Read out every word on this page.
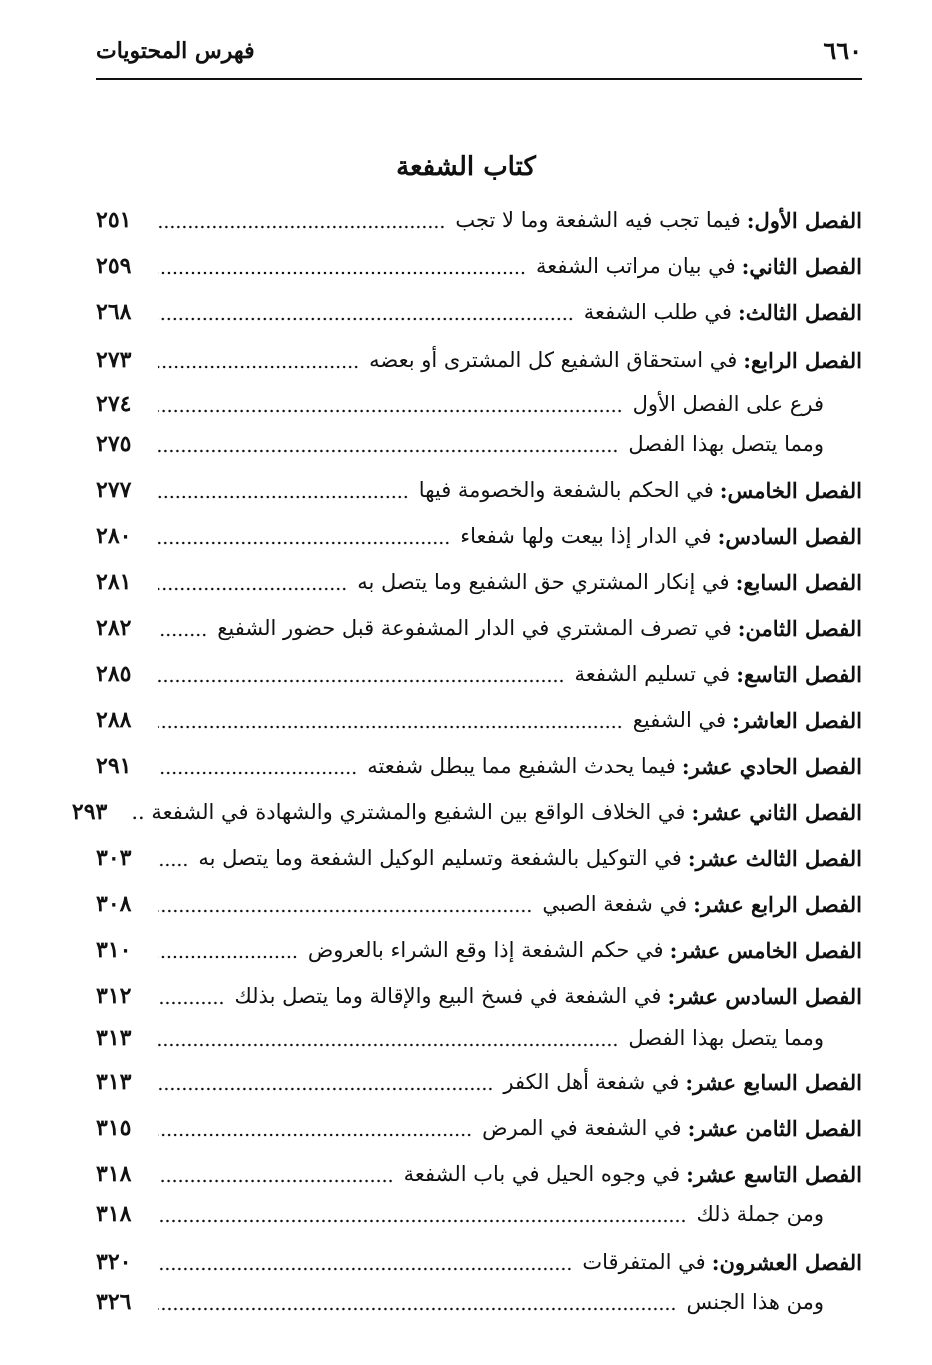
فهرس المحتويات	٦٦٠
كتاب الشفعة
الفصل الأول:
فيما تجب فيه الشفعة وما لا تجب
٢٥١
الفصل الثاني:
في بيان مراتب الشفعة
٢٥٩
الفصل الثالث:
في طلب الشفعة
٢٦٨
الفصل الرابع:
في استحقاق الشفيع كل المشترى أو بعضه
٢٧٣
فرع على الفصل الأول
٢٧٤
ومما يتصل بهذا الفصل
٢٧٥
الفصل الخامس:
في الحكم بالشفعة والخصومة فيها
٢٧٧
الفصل السادس:
في الدار إذا بيعت ولها شفعاء
٢٨٠
الفصل السابع:
في إنكار المشتري حق الشفيع وما يتصل به
٢٨١
الفصل الثامن:
في تصرف المشتري في الدار المشفوعة قبل حضور الشفيع
٢٨٢
الفصل التاسع:
في تسليم الشفعة
٢٨٥
الفصل العاشر:
في الشفيع
٢٨٨
الفصل الحادي عشر:
فيما يحدث الشفيع مما يبطل شفعته
٢٩١
الفصل الثاني عشر:
في الخلاف الواقع بين الشفيع والمشتري والشهادة في الشفعة ..
٢٩٣
الفصل الثالث عشر:
في التوكيل بالشفعة وتسليم الوكيل الشفعة وما يتصل به
٣٠٣
الفصل الرابع عشر:
في شفعة الصبي
٣٠٨
الفصل الخامس عشر:
في حكم الشفعة إذا وقع الشراء بالعروض
٣١٠
الفصل السادس عشر:
في الشفعة في فسخ البيع والإقالة وما يتصل بذلك
٣١٢
ومما يتصل بهذا الفصل
٣١٣
الفصل السابع عشر:
في شفعة أهل الكفر
٣١٣
الفصل الثامن عشر:
في الشفعة في المرض
٣١٥
الفصل التاسع عشر:
في وجوه الحيل في باب الشفعة
٣١٨
ومن جملة ذلك
٣١٨
الفصل العشرون:
في المتفرقات
٣٢٠
ومن هذا الجنس
٣٢٦
